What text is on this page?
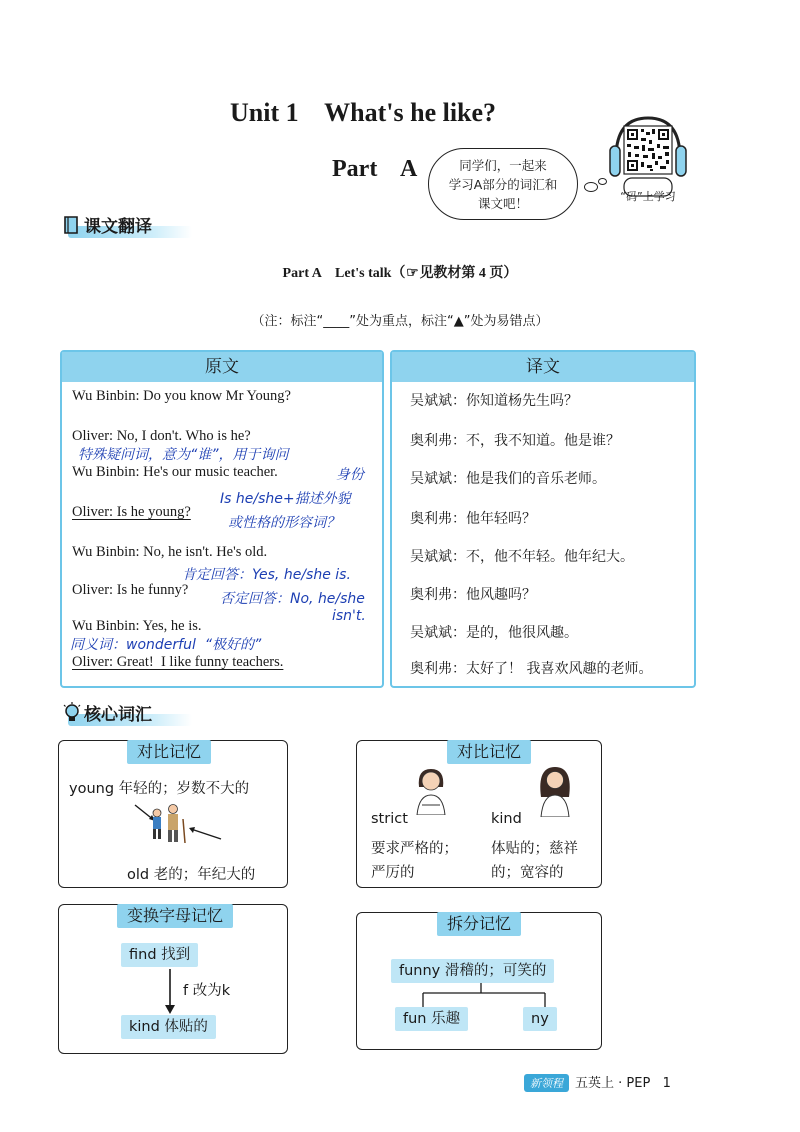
Unit 1    What's he like?
Part    A	同学们，一起来
学习A部分的词汇和
课文吧！	“码”上学习
课文翻译
Part A    Let's talk（☞见教材第 4 页）
（注：标注“____”处为重点，标注“▲”处为易错点）
原文
Wu Binbin: Do you know Mr Young?
Oliver: No, I don't. Who is he?
特殊疑问词，意为“谁”，用于询问
Wu Binbin: He's our music teacher.	身份
Is he/she+描述外貌
Oliver: Is he young?
或性格的形容词？
Wu Binbin: No, he isn't. He's old.
肯定回答：Yes, he/she is.
Oliver: Is he funny?
否定回答：No, he/she
isn't.
Wu Binbin: Yes, he is.
同义词：wonderful  “极好的”
Oliver: Great!  I like funny teachers.
译文
吴斌斌：你知道杨先生吗？
奥利弗：不，我不知道。他是谁？
吴斌斌：他是我们的音乐老师。
奥利弗：他年轻吗？
吴斌斌：不，他不年轻。他年纪大。
奥利弗：他风趣吗？
吴斌斌：是的，他很风趣。
奥利弗：太好了！ 我喜欢风趣的老师。
核心词汇
对比记忆
young 年轻的；岁数不大的
old 老的；年纪大的
对比记忆
strict
要求严格的；
严厉的
kind
体贴的；慈祥
的；宽容的
变换字母记忆
find 找到
f 改为k
kind 体贴的
拆分记忆
funny 滑稽的；可笑的
fun 乐趣	ny
新领程 五英上 · PEP   1
